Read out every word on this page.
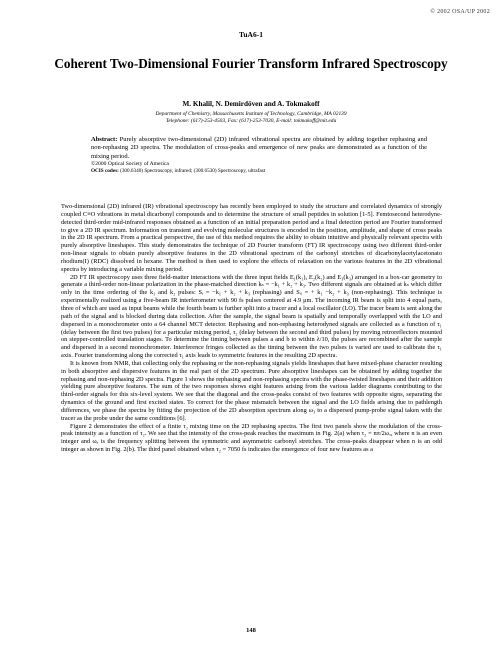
© 2002 OSA/UP 2002
TuA6-1
Coherent Two-Dimensional Fourier Transform Infrared Spectroscopy
M. Khalil, N. Demirdöven and A. Tokmakoff
Department of Chemistry, Massachusetts Institute of Technology, Cambridge, MA 02139
Telephone: (617)-253-4503, Fax: (617)-253-7030, E-mail: tokmakoff@mit.edu
Abstract: Purely absorptive two-dimensional (2D) infrared vibrational spectra are obtained by adding together rephasing and non-rephasing 2D spectra. The modulation of cross-peaks and emergence of new peaks are demonstrated as a function of the mixing period.
©2000 Optical Society of America
OCIS codes: (300.6340) Spectroscopy, infrared; (300.6530) Spectroscopy, ultrafast

Two-dimensional (2D) infrared (IR) vibrational spectroscopy has recently been employed to study the structure and correlated dynamics of strongly coupled C≡O vibrations in metal dicarbonyl compounds and to determine the structure of small peptides in solution [1-5]. Femtosecond heterodyne-detected third-order mid-infrared responses obtained as a function of an initial preparation period and a final detection period are Fourier transformed to give a 2D IR spectrum. Information on transient and evolving molecular structures is encoded in the position, amplitude, and shape of cross peaks in the 2D IR spectrum. From a practical perspective, the use of this method requires the ability to obtain intuitive and physically relevant spectra with purely absorptive lineshapes. This study demonstrates the technique of 2D Fourier transform (FT) IR spectroscopy using two different third-order non-linear signals to obtain purely absorptive features in the 2D vibrational spectrum of the carbonyl stretches of dicarbonylacetylacetonato rhodium(I) (RDC) dissolved in hexane. The method is then used to explore the effects of relaxation on the various features in the 2D vibrational spectra by introducing a variable mixing period.

2D FT IR spectroscopy uses three field-matter interactions with the three input fields E₁(k₁), E₂(k₂) and E₃(k₃) arranged in a box-car geometry to generate a third-order non-linear polarization in the phase-matched direction kₛ = −k₁ + k₂ + k₃. Two different signals are obtained at kₛ which differ only in the time ordering of the k₁ and k₂ pulses: Sᵢ = −k₁ + k₂ + k₃ (rephasing) and Sᵢᵢ = + k₁ −k₂ + k₃ (non-rephasing). This technique is experimentally realized using a five-beam IR interferometer with 90 fs pulses centered at 4.9 μm. The incoming IR beam is split into 4 equal parts, three of which are used as input beams while the fourth beam is further split into a tracer and a local oscillator (LO). The tracer beam is sent along the path of the signal and is blocked during data collection. After the sample, the signal beam is spatially and temporally overlapped with the LO and dispersed in a monochrometer onto a 64 channel MCT detector. Rephasing and non-rephasing heterodyned signals are collected as a function of τ₁ (delay between the first two pulses) for a particular mixing period, τ₂ (delay between the second and third pulses) by moving retroreflectors mounted on stepper-controlled translation stages. To determine the timing between pulses a and b to within λ/10, the pulses are recombined after the sample and dispersed in a second monochrometer. Interference fringes collected as the timing between the two pulses is varied are used to calibrate the τ₁ axis. Fourier transforming along the corrected τ₁ axis leads to symmetric features in the resulting 2D spectra.

It is known from NMR, that collecting only the rephasing or the non-rephasing signals yields lineshapes that have mixed-phase character resulting in both absorptive and dispersive features in the real part of the 2D spectrum. Pure absorptive lineshapes can be obtained by adding together the rephasing and non-rephasing 2D spectra. Figure 1 shows the rephasing and non-rephasing spectra with the phase-twisted lineshapes and their addition yielding pure absorptive features. The sum of the two responses shows eight features arising from the various ladder diagrams contributing to the third-order signals for this six-level system. We see that the diagonal and the cross-peaks consist of two features with opposite signs, separating the dynamics of the ground and first excited states. To correct for the phase mismatch between the signal and the LO fields arising due to pathlength differences, we phase the spectra by fitting the projection of the 2D absorption spectrum along ω₃ to a dispersed pump-probe signal taken with the tracer as the probe under the same conditions [6].

Figure 2 demonstrates the effect of a finite τ₂ mixing time on the 2D rephasing spectra. The first two panels show the modulation of the cross-peak intensity as a function of τ₂. We see that the intensity of the cross-peak reaches the maximum in Fig. 2(a) when τ₂ = nπ/2ωₐ, where n is an even integer and ωₐ is the frequency splitting between the symmetric and asymmetric carbonyl stretches. The cross-peaks disappear when n is an odd integer as shown in Fig. 2(b). The third panel obtained when τ₂ = 7050 fs indicates the emergence of four new features as a

148
